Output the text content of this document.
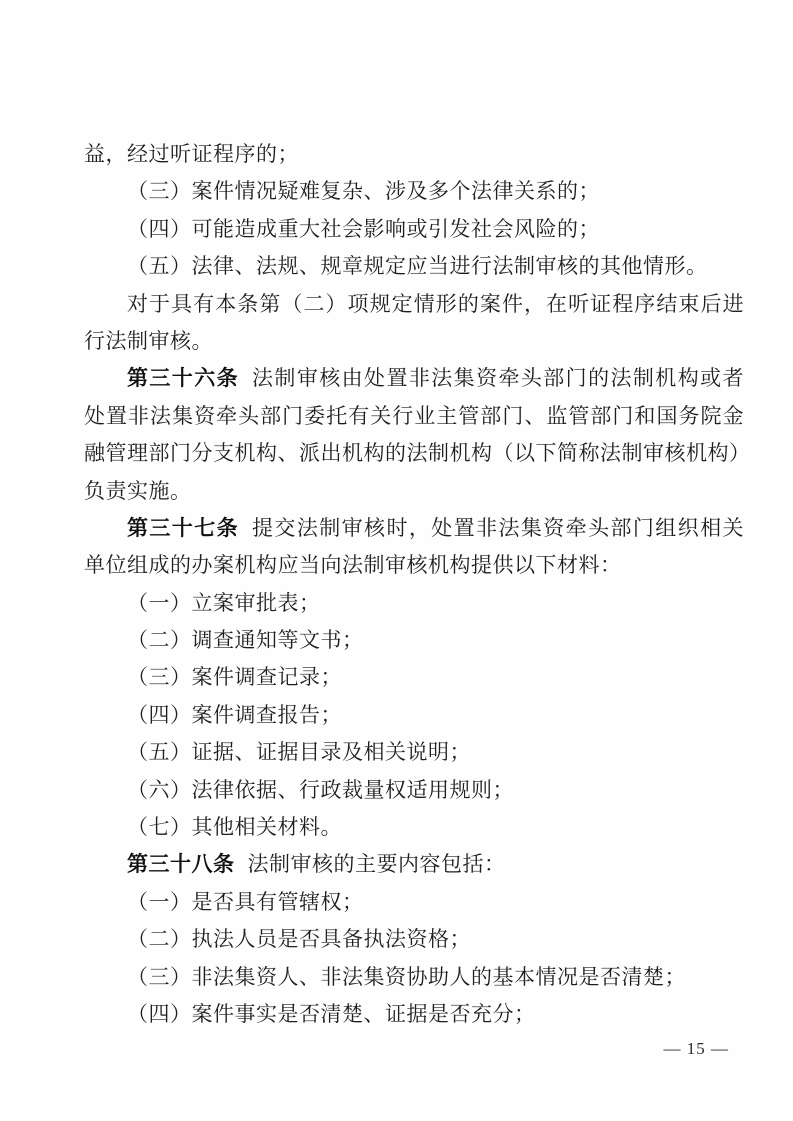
益，经过听证程序的；
（三）案件情况疑难复杂、涉及多个法律关系的；
（四）可能造成重大社会影响或引发社会风险的；
（五）法律、法规、规章规定应当进行法制审核的其他情形。
对于具有本条第（二）项规定情形的案件，在听证程序结束后进
行法制审核。
第三十六条 法制审核由处置非法集资牵头部门的法制机构或者
处置非法集资牵头部门委托有关行业主管部门、监管部门和国务院金
融管理部门分支机构、派出机构的法制机构（以下简称法制审核机构）
负责实施。
第三十七条 提交法制审核时，处置非法集资牵头部门组织相关
单位组成的办案机构应当向法制审核机构提供以下材料：
（一）立案审批表；
（二）调查通知等文书；
（三）案件调查记录；
（四）案件调查报告；
（五）证据、证据目录及相关说明；
（六）法律依据、行政裁量权适用规则；
（七）其他相关材料。
第三十八条 法制审核的主要内容包括：
（一）是否具有管辖权；
（二）执法人员是否具备执法资格；
（三）非法集资人、非法集资协助人的基本情况是否清楚；
（四）案件事实是否清楚、证据是否充分；
— 15 —
